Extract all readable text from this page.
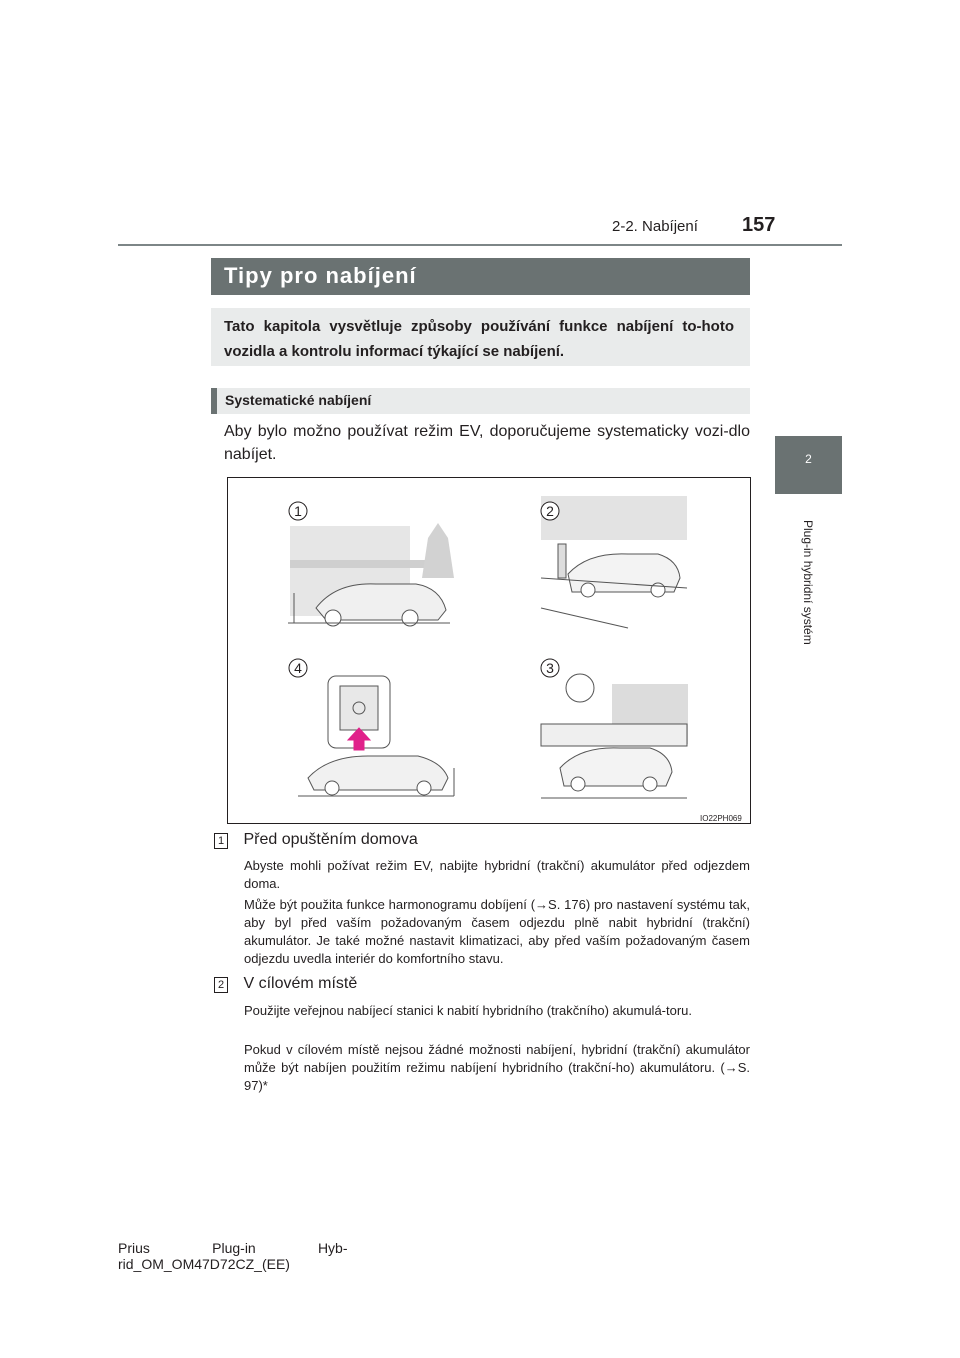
2-2. Nabíjení 157
2
Plug-in hybridní systém
Tipy pro nabíjení
Tato kapitola vysvětluje způsoby používání funkce nabíjení to-hoto vozidla a kontrolu informací týkající se nabíjení.
Systematické nabíjení
Aby bylo možno používat režim EV, doporučujeme systematicky vozi-dlo nabíjet.
1	2
3
4
IO22PH069
1 Před opuštěním domova
Abyste mohli požívat režim EV, nabijte hybridní (trakční) akumulátor před odjezdem doma.
Může být použita funkce harmonogramu dobíjení (→S. 176) pro nastavení systému tak, aby byl před vaším požadovaným časem odjezdu plně nabit hybridní (trakční) akumulátor. Je také možné nastavit klimatizaci, aby před vaším požadovaným časem odjezdu uvedla interiér do komfortního stavu.
2 V cílovém místě
Použijte veřejnou nabíjecí stanici k nabití hybridního (trakčního) akumulá-toru.
Pokud v cílovém místě nejsou žádné možnosti nabíjení, hybridní (trakční) akumulátor může být nabíjen použitím režimu nabíjení hybridního (trakční-ho) akumulátoru. (→S. 97)*
Prius                Plug-in                Hyb-
rid_OM_OM47D72CZ_(EE)
